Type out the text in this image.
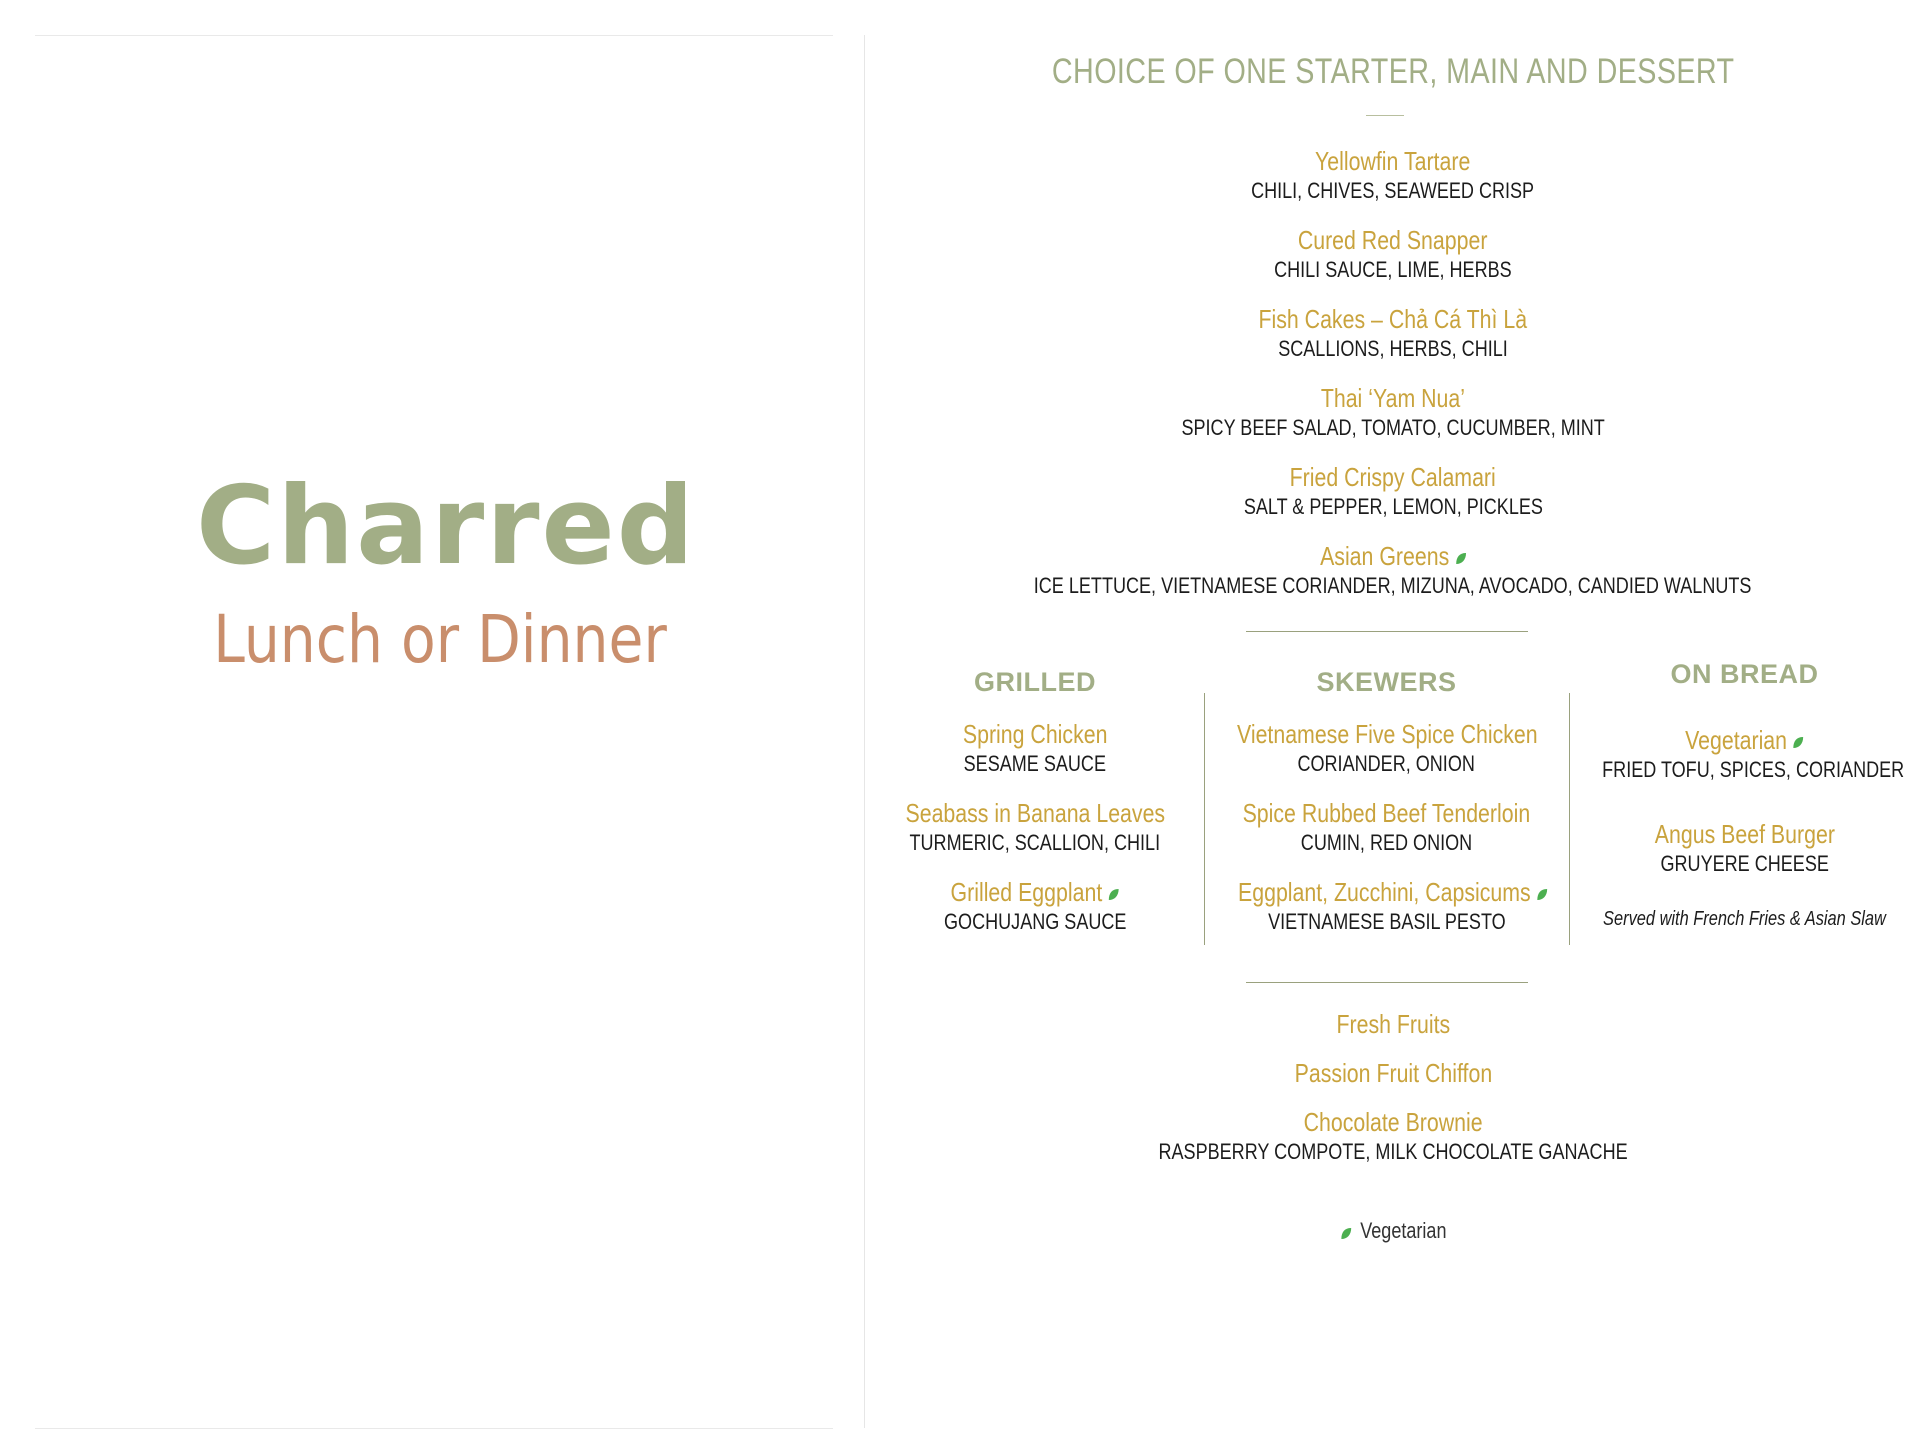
Charred
Lunch or Dinner
CHOICE OF ONE STARTER, MAIN AND DESSERT
Yellowfin Tartare
CHILI, CHIVES, SEAWEED CRISP
Cured Red Snapper
CHILI SAUCE, LIME, HERBS
Fish Cakes – Chả Cá Thì Là
SCALLIONS, HERBS, CHILI
Thai ‘Yam Nua’
SPICY BEEF SALAD, TOMATO, CUCUMBER, MINT
Fried Crispy Calamari
SALT & PEPPER, LEMON, PICKLES
Asian Greens
ICE LETTUCE, VIETNAMESE CORIANDER, MIZUNA, AVOCADO, CANDIED WALNUTS
GRILLED
Spring Chicken
SESAME SAUCE
Seabass in Banana Leaves
TURMERIC, SCALLION, CHILI
Grilled Eggplant
GOCHUJANG SAUCE
SKEWERS
Vietnamese Five Spice Chicken
CORIANDER, ONION
Spice Rubbed Beef Tenderloin
CUMIN, RED ONION
Eggplant, Zucchini, Capsicums
VIETNAMESE BASIL PESTO
ON BREAD
Vegetarian
FRIED TOFU, SPICES, CORIANDER
Angus Beef Burger
GRUYERE CHEESE
Served with French Fries & Asian Slaw
Fresh Fruits
Passion Fruit Chiffon
Chocolate Brownie
RASPBERRY COMPOTE, MILK CHOCOLATE GANACHE
Vegetarian
